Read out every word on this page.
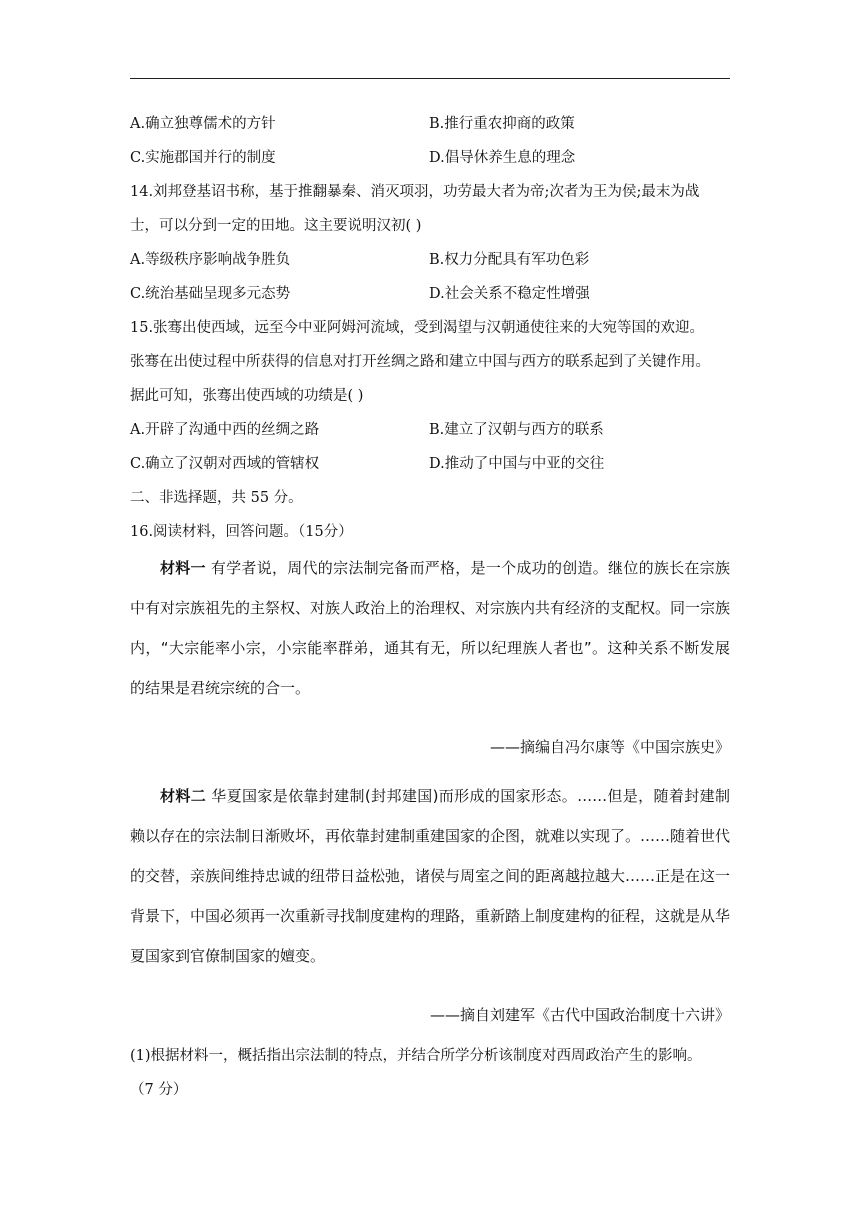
A.确立独尊儒术的方针	B.推行重农抑商的政策
C.实施郡国并行的制度	D.倡导休养生息的理念
14.刘邦登基诏书称，基于推翻暴秦、消灭项羽，功劳最大者为帝;次者为王为侯;最末为战
士，可以分到一定的田地。这主要说明汉初( )
A.等级秩序影响战争胜负	B.权力分配具有军功色彩
C.统治基础呈现多元态势	D.社会关系不稳定性增强
15.张骞出使西域，远至今中亚阿姆河流域，受到渴望与汉朝通使往来的大宛等国的欢迎。
张骞在出使过程中所获得的信息对打开丝绸之路和建立中国与西方的联系起到了关键作用。
据此可知，张骞出使西域的功绩是( )
A.开辟了沟通中西的丝绸之路	B.建立了汉朝与西方的联系
C.确立了汉朝对西域的管辖权	D.推动了中国与中亚的交往
二、非选择题，共 55 分。
16.阅读材料，回答问题。（15分）
材料一 有学者说，周代的宗法制完备而严格，是一个成功的创造。继位的族长在宗族中有对宗族祖先的主祭权、对族人政治上的治理权、对宗族内共有经济的支配权。同一宗族内，“大宗能率小宗，小宗能率群弟，通其有无，所以纪理族人者也”。这种关系不断发展的结果是君统宗统的合一。
——摘编自冯尔康等《中国宗族史》
材料二 华夏国家是依靠封建制(封邦建国)而形成的国家形态。……但是，随着封建制赖以存在的宗法制日渐败坏，再依靠封建制重建国家的企图，就难以实现了。……随着世代的交替，亲族间维持忠诚的纽带日益松弛，诸侯与周室之间的距离越拉越大……正是在这一背景下，中国必须再一次重新寻找制度建构的理路，重新踏上制度建构的征程，这就是从华夏国家到官僚制国家的嬗变。
——摘自刘建军《古代中国政治制度十六讲》
(1)根据材料一，概括指出宗法制的特点，并结合所学分析该制度对西周政治产生的影响。
（7 分）
